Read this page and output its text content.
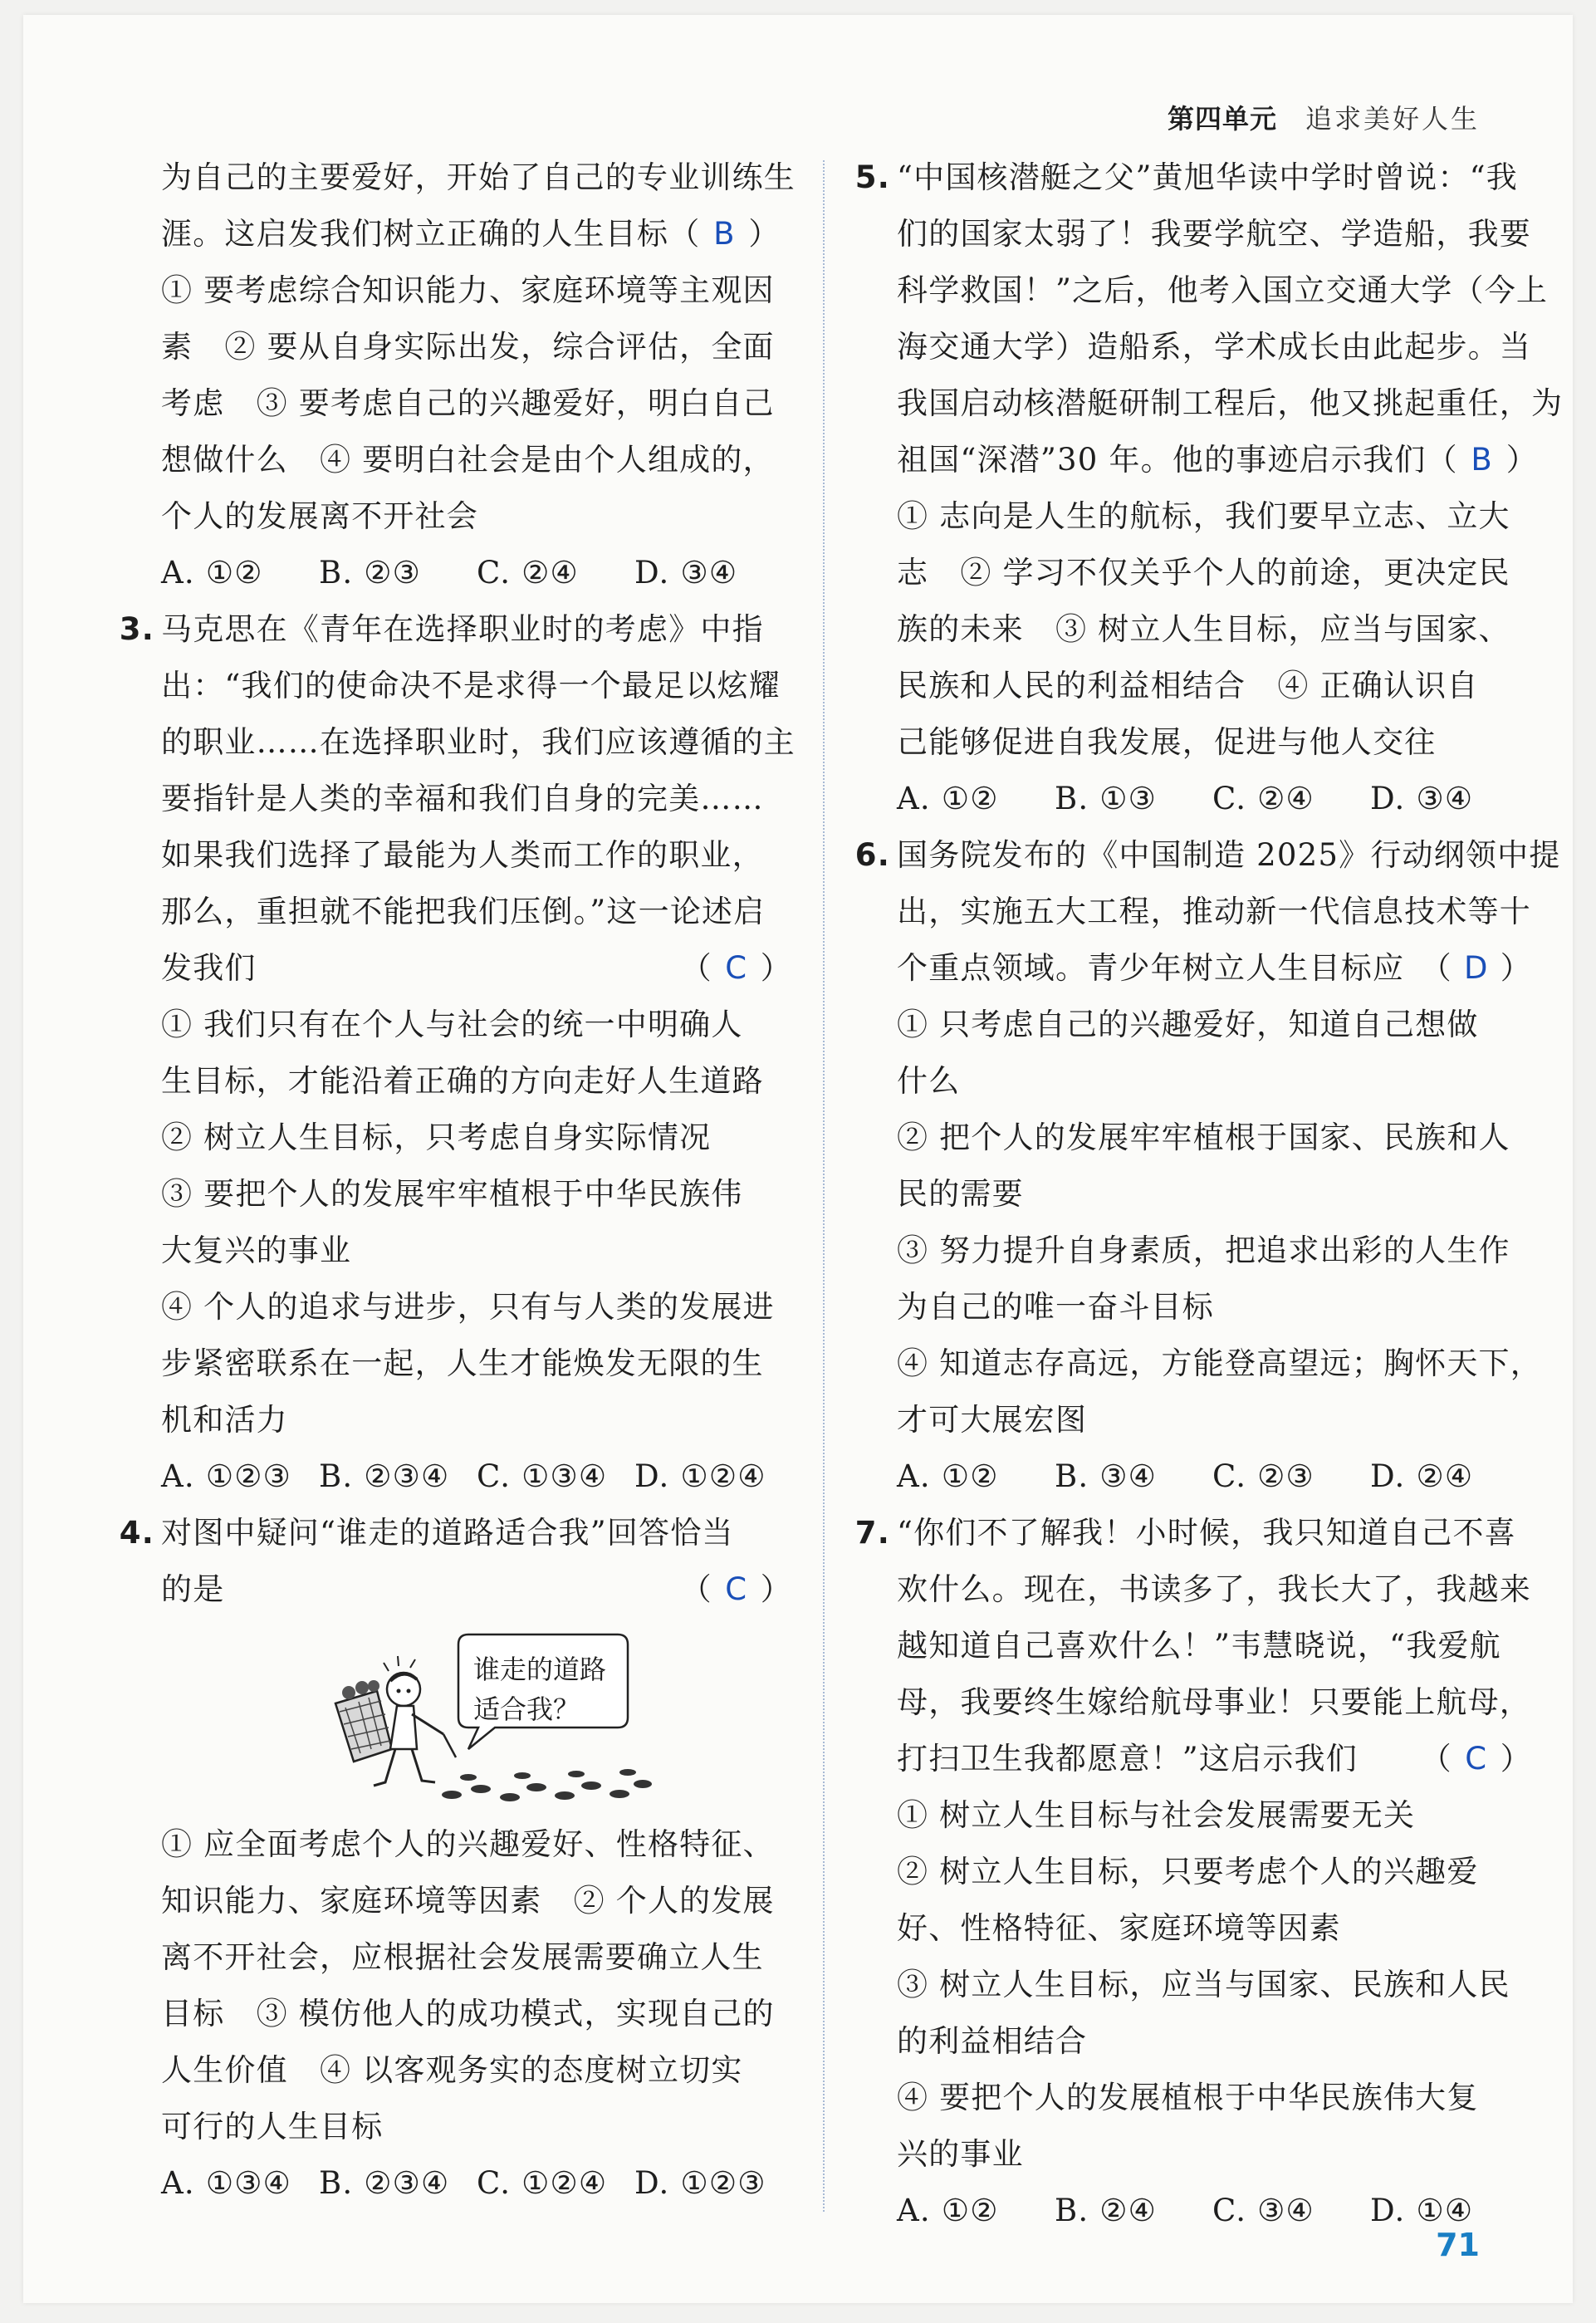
第四单元 追求美好人生
为自己的主要爱好，开始了自己的专业训练生
涯。这启发我们树立正确的人生目标（ B ）
① 要考虑综合知识能力、家庭环境等主观因
素　② 要从自身实际出发，综合评估，全面
考虑　③ 要考虑自己的兴趣爱好，明白自己
想做什么　④ 要明白社会是由个人组成的，
个人的发展离不开社会
A. ①②	B. ②③	C. ②④	D. ③④
3. 马克思在《青年在选择职业时的考虑》中指
出：“我们的使命决不是求得一个最足以炫耀
的职业……在选择职业时，我们应该遵循的主
要指针是人类的幸福和我们自身的完美……
如果我们选择了最能为人类而工作的职业，
那么，重担就不能把我们压倒。”这一论述启
发我们	（ C ）
① 我们只有在个人与社会的统一中明确人
生目标，才能沿着正确的方向走好人生道路
② 树立人生目标，只考虑自身实际情况
③ 要把个人的发展牢牢植根于中华民族伟
大复兴的事业
④ 个人的追求与进步，只有与人类的发展进
步紧密联系在一起，人生才能焕发无限的生
机和活力
A. ①②③ B. ②③④ C. ①③④ D. ①②④
4. 对图中疑问“谁走的道路适合我”回答恰当
的是	（ C ）
谁走的道路
适合我？
① 应全面考虑个人的兴趣爱好、性格特征、
知识能力、家庭环境等因素　② 个人的发展
离不开社会，应根据社会发展需要确立人生
目标　③ 模仿他人的成功模式，实现自己的
人生价值　④ 以客观务实的态度树立切实
可行的人生目标
A. ①③④ B. ②③④ C. ①②④ D. ①②③
5. “中国核潜艇之父”黄旭华读中学时曾说：“我
们的国家太弱了！我要学航空、学造船，我要
科学救国！”之后，他考入国立交通大学（今上
海交通大学）造船系，学术成长由此起步。当
我国启动核潜艇研制工程后，他又挑起重任，为
祖国“深潜”30 年。他的事迹启示我们 （ B ）
① 志向是人生的航标，我们要早立志、立大
志　② 学习不仅关乎个人的前途，更决定民
族的未来　③ 树立人生目标，应当与国家、
民族和人民的利益相结合　④ 正确认识自
己能够促进自我发展，促进与他人交往
A. ①②	B. ①③	C. ②④	D. ③④
6. 国务院发布的《中国制造 2025》行动纲领中提
出，实施五大工程，推动新一代信息技术等十
个重点领域。青少年树立人生目标应 （ D ）
① 只考虑自己的兴趣爱好，知道自己想做
什么
② 把个人的发展牢牢植根于国家、民族和人
民的需要
③ 努力提升自身素质，把追求出彩的人生作
为自己的唯一奋斗目标
④ 知道志存高远，方能登高望远；胸怀天下，
才可大展宏图
A. ①②	B. ③④	C. ②③	D. ②④
7. “你们不了解我！小时候，我只知道自己不喜
欢什么。现在，书读多了，我长大了，我越来
越知道自己喜欢什么！”韦慧晓说，“我爱航
母，我要终生嫁给航母事业！只要能上航母，
打扫卫生我都愿意！”这启示我们 （ C ）
① 树立人生目标与社会发展需要无关
② 树立人生目标，只要考虑个人的兴趣爱
好、性格特征、家庭环境等因素
③ 树立人生目标，应当与国家、民族和人民
的利益相结合
④ 要把个人的发展植根于中华民族伟大复
兴的事业
A. ①②	B. ②④	C. ③④	D. ①④
71
